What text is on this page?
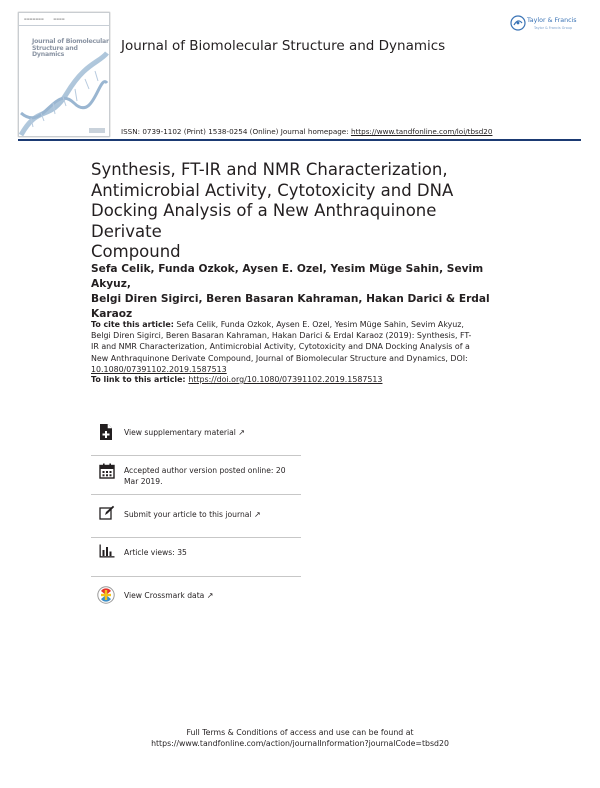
▬▬▬▬▬▬▬          ▬▬▬▬
Journal of Biomolecular
Structure and Dynamics
Journal of Biomolecular Structure and Dynamics
Taylor & Francis
Taylor & Francis Group
ISSN: 0739-1102 (Print) 1538-0254 (Online) Journal homepage: https://www.tandfonline.com/loi/tbsd20
Synthesis, FT-IR and NMR Characterization,
Antimicrobial Activity, Cytotoxicity and DNA
Docking Analysis of a New Anthraquinone Derivate
Compound
Sefa Celik, Funda Ozkok, Aysen E. Ozel, Yesim Müge Sahin, Sevim Akyuz,
Belgi Diren Sigirci, Beren Basaran Kahraman, Hakan Darici & Erdal Karaoz
To cite this article: Sefa Celik, Funda Ozkok, Aysen E. Ozel, Yesim Müge Sahin, Sevim Akyuz,
Belgi Diren Sigirci, Beren Basaran Kahraman, Hakan Darici & Erdal Karaoz (2019): Synthesis, FT-
IR and NMR Characterization, Antimicrobial Activity, Cytotoxicity and DNA Docking Analysis of a
New Anthraquinone Derivate Compound, Journal of Biomolecular Structure and Dynamics, DOI:
10.1080/07391102.2019.1587513
To link to this article: https://doi.org/10.1080/07391102.2019.1587513
View supplementary material ↗
Accepted author version posted online: 20
Mar 2019.
Submit your article to this journal ↗
Article views: 35
View Crossmark data ↗
Full Terms & Conditions of access and use can be found at
https://www.tandfonline.com/action/journalInformation?journalCode=tbsd20
